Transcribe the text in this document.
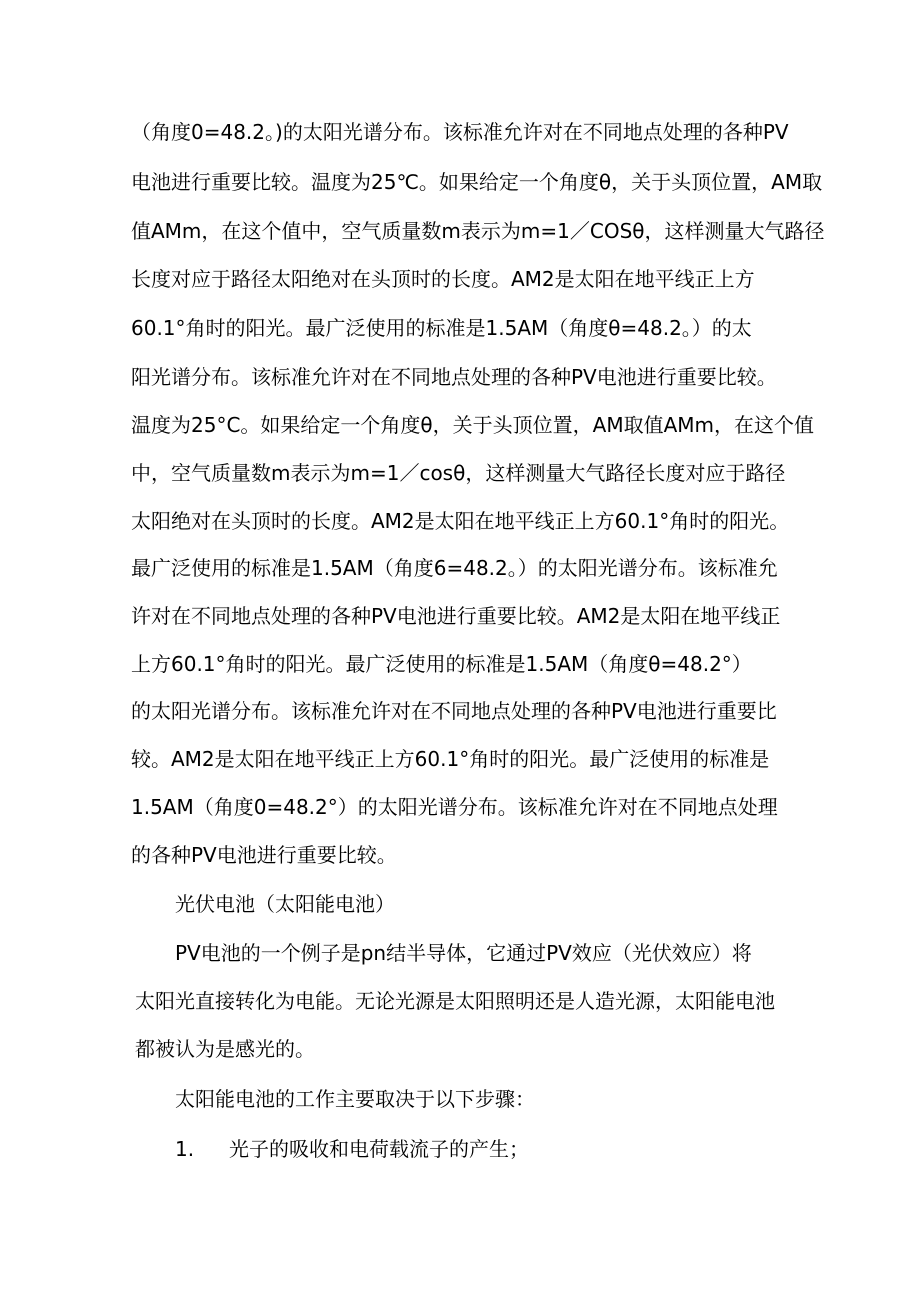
（角度0=48.2。)的太阳光谱分布。该标准允许对在不同地点处理的各种PV
电池进行重要比较。温度为25℃。如果给定一个角度θ，关于头顶位置，AM取
值AMm，在这个值中，空气质量数m表示为m=1／COSθ，这样测量大气路径
长度对应于路径太阳绝对在头顶时的长度。AM2是太阳在地平线正上方
60.1°角时的阳光。最广泛使用的标准是1.5AM（角度θ=48.2。）的太
阳光谱分布。该标准允许对在不同地点处理的各种PV电池进行重要比较。
温度为25°C。如果给定一个角度θ，关于头顶位置，AM取值AMm，在这个值
中，空气质量数m表示为m=1／cosθ，这样测量大气路径长度对应于路径
太阳绝对在头顶时的长度。AM2是太阳在地平线正上方60.1°角时的阳光。
最广泛使用的标准是1.5AM（角度6=48.2。）的太阳光谱分布。该标准允
许对在不同地点处理的各种PV电池进行重要比较。AM2是太阳在地平线正
上方60.1°角时的阳光。最广泛使用的标准是1.5AM（角度θ=48.2°）
的太阳光谱分布。该标准允许对在不同地点处理的各种PV电池进行重要比
较。AM2是太阳在地平线正上方60.1°角时的阳光。最广泛使用的标准是
1.5AM（角度0=48.2°）的太阳光谱分布。该标准允许对在不同地点处理
的各种PV电池进行重要比较。
光伏电池（太阳能电池）
PV电池的一个例子是pn结半导体，它通过PV效应（光伏效应）将
太阳光直接转化为电能。无论光源是太阳照明还是人造光源，太阳能电池
都被认为是感光的。
太阳能电池的工作主要取决于以下步骤：
1.	光子的吸收和电荷载流子的产生；
